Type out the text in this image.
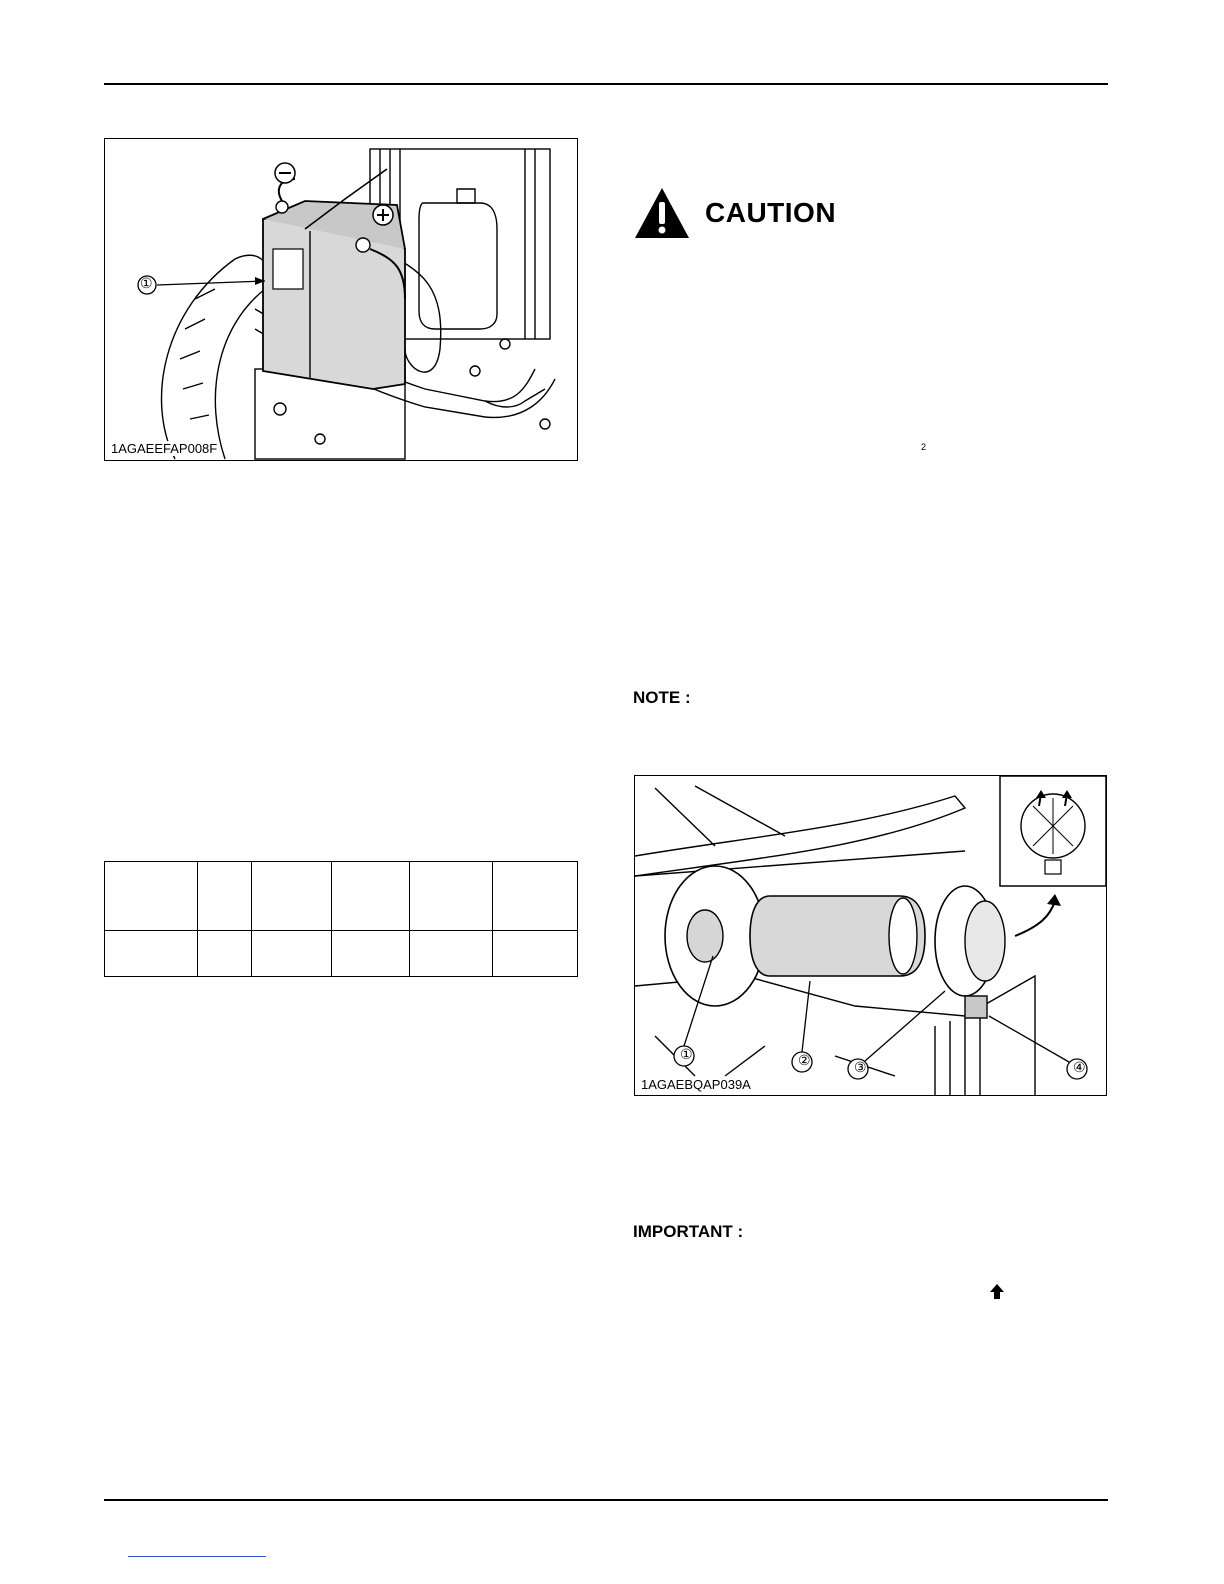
①
1AGAEEFAP008F
CAUTION
2
NOTE :
①	②	③	④
1AGAEBQAP039A
IMPORTANT :
